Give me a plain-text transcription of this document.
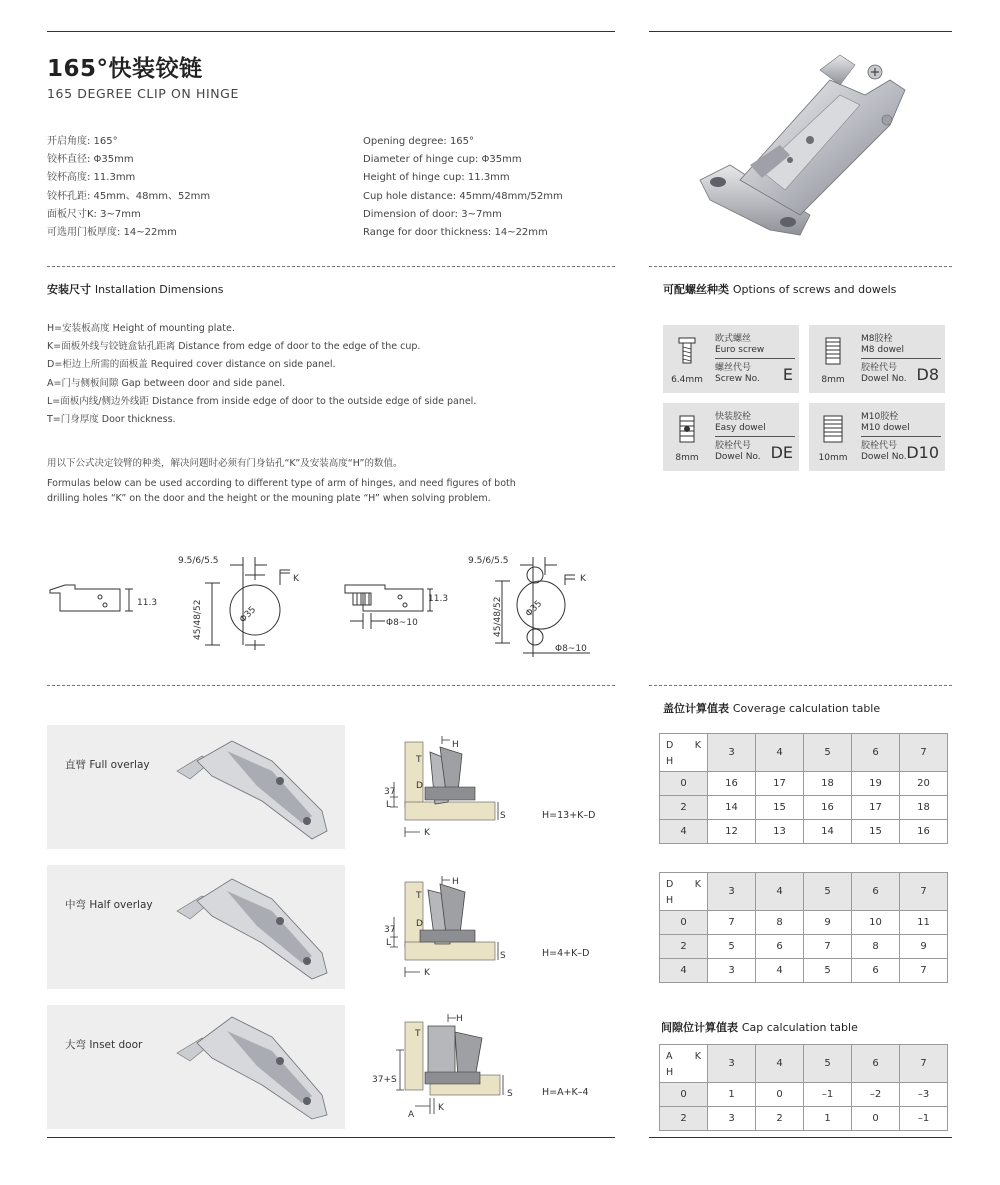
165°快装铰链
165 DEGREE CLIP ON HINGE
开启角度: 165°
铰杯直径: Φ35mm
铰杯高度: 11.3mm
铰杯孔距: 45mm、48mm、52mm
面板尺寸K: 3~7mm
可选用门板厚度: 14~22mm
Opening degree: 165°
Diameter of hinge cup: Φ35mm
Height of hinge cup: 11.3mm
Cup hole distance: 45mm/48mm/52mm
Dimension of door: 3~7mm
Range for door thickness: 14~22mm
安装尺寸 Installation Dimensions
H=安装板高度 Height of mounting plate.
K=面板外线与铰链盒钻孔距离 Distance from edge of door to the edge of the cup.
D=柜边上所需的面板盖 Required cover distance on side panel.
A=门与侧板间隙 Gap between door and side panel.
L=面板内线/侧边外线距 Distance from inside edge of door to the outside edge of side panel.
T=门身厚度 Door thickness.
用以下公式决定铰臂的种类，解决问题时必须有门身钻孔“K”及安装高度“H”的数值。
Formulas below can be used according to different type of arm of hinges, and need figures of both
drilling holes “K” on the door and the height or the mouning plate “H” when solving problem.
可配螺丝种类 Options of screws and dowels
6.4mm
欧式螺丝
Euro screw
螺丝代号
Screw No. E	8mm
M8胶栓
M8 dowel
胶栓代号
Dowel No. D8
8mm
快装胶栓
Easy dowel
胶栓代号
Dowel No. DE	10mm
M10胶栓
M10 dowel
胶栓代号
Dowel No. D10
11.3
9.5/6/5.5
45/48/52	Φ35
K
11.3
Φ8~10
9.5/6/5.5
45/48/52 Φ35
K
Φ8~10
直臂 Full overlay
中弯 Half overlay
大弯 Inset door
H
T
D
37
L
S
K
H=13+K–D
H
T
D
37
L
S
K
H=4+K–D
H
T
37+S
A
S
K
H=A+K–4
盖位计算值表 Coverage calculation table
D K
H	3	4	5	6	7
0	16	17	18	19	20
2	14	15	16	17	18
4	12	13	14	15	16
D K
H	3	4	5	6	7
0	7	8	9	10	11
2	5	6	7	8	9
4	3	4	5	6	7
间隙位计算值表 Cap calculation table
A K
H	3	4	5	6	7
0	1	0	–1	–2	–3
2	3	2	1	0	–1
